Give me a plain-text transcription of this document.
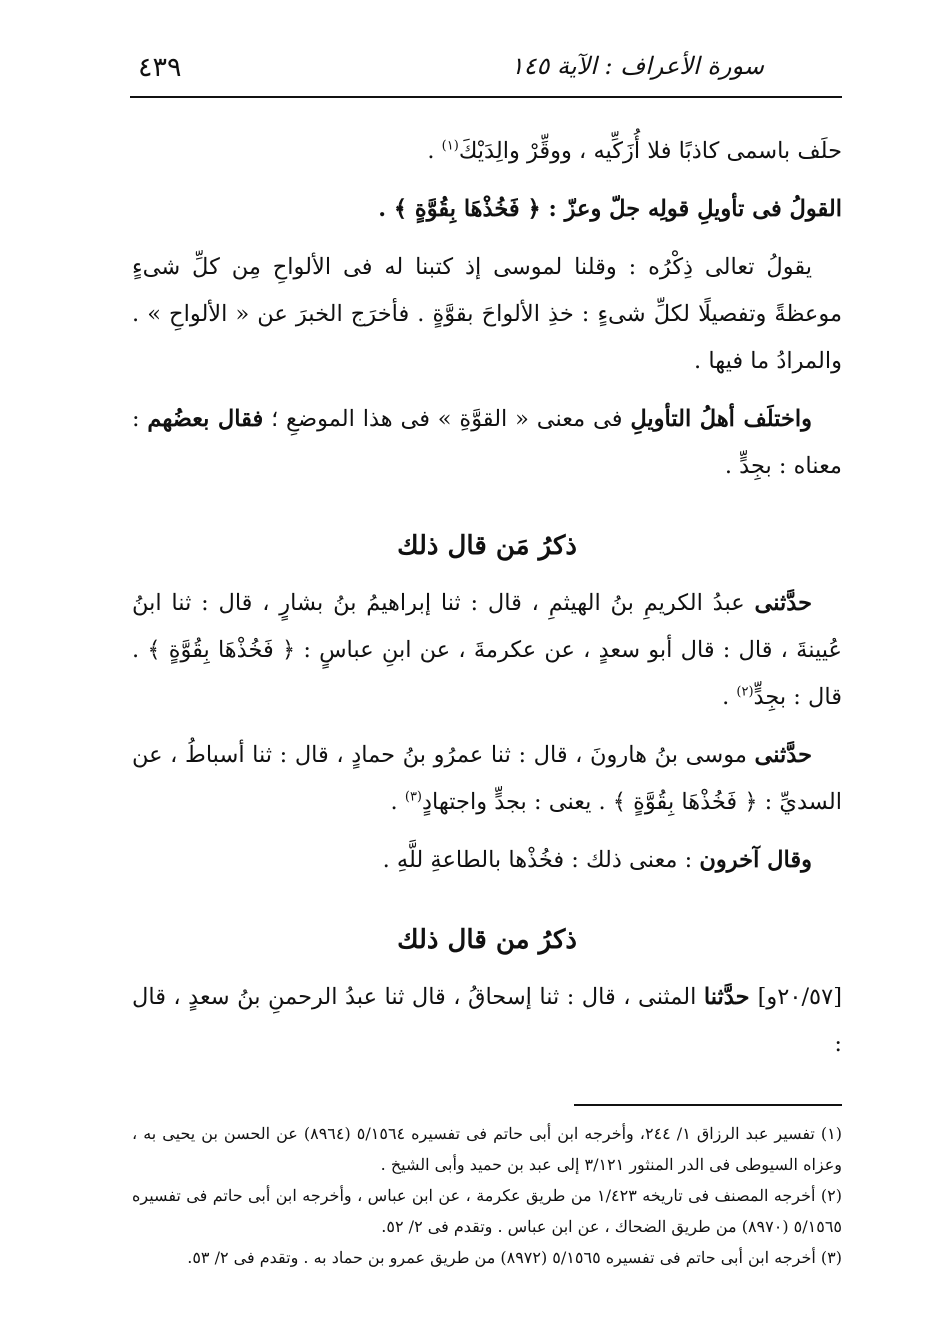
٤٣٩	سورة الأعراف : الآية ١٤٥

حلَف باسمى كاذبًا فلا أُزَكِّيه ، ووقِّرْ والِدَيْكَ$^{(١)}$ .

القولُ فى تأويلِ قولِه جلّ وعزّ : ﴿ فَخُذْهَا بِقُوَّةٍ ﴾ .

يقولُ تعالى ذِكْرُه : وقلنا لموسى إذ كتبنا له فى الألواحِ مِن كلِّ شىءٍ موعظةً وتفصيلًا لكلِّ شىءٍ : خذِ الألواحَ بقوَّةٍ . فأخرَج الخبرَ عن « الألواحِ » . والمرادُ ما فيها .

واختلَف أهلُ التأويلِ فى معنى « القوَّةِ » فى هذا الموضعِ ؛ فقال بعضُهم : معناه : بجِدٍّ .

ذكرُ مَن قال ذلك

حدَّثنى عبدُ الكريمِ بنُ الهيثمِ ، قال : ثنا إبراهيمُ بنُ بشارٍ ، قال : ثنا ابنُ عُيينةَ ، قال : قال أبو سعدٍ ، عن عكرمةَ ، عن ابنِ عباسٍ : ﴿ فَخُذْهَا بِقُوَّةٍ ﴾ . قال : بجِدٍّ$^{(٢)}$ .

حدَّثنى موسى بنُ هارونَ ، قال : ثنا عمرُو بنُ حمادٍ ، قال : ثنا أسباطُ ، عن السديِّ : ﴿ فَخُذْهَا بِقُوَّةٍ ﴾ . يعنى : بجدٍّ واجتهادٍ$^{(٣)}$ .

وقال آخرون : معنى ذلك : فخُذْها بالطاعةِ للَّهِ .

ذكرُ من قال ذلك

[٢٠/٥٧و] حدَّثنا المثنى ، قال : ثنا إسحاقُ ، قال ثنا عبدُ الرحمنِ بنُ سعدٍ ، قال :

(١) تفسير عبد الرزاق ١/ ٢٤٤، وأخرجه ابن أبى حاتم فى تفسيره ٥/١٥٦٤ (٨٩٦٤) عن الحسن بن يحيى به ، وعزاه السيوطى فى الدر المنثور ٣/١٢١ إلى عبد بن حميد وأبى الشيخ .

(٢) أخرجه المصنف فى تاريخه ١/٤٢٣ من طريق عكرمة ، عن ابن عباس ، وأخرجه ابن أبى حاتم فى تفسيره ٥/١٥٦٥ (٨٩٧٠) من طريق الضحاك ، عن ابن عباس . وتقدم فى ٢/ ٥٢.

(٣) أخرجه ابن أبى حاتم فى تفسيره ٥/١٥٦٥ (٨٩٧٢) من طريق عمرو بن حماد به . وتقدم فى ٢/ ٥٣.
